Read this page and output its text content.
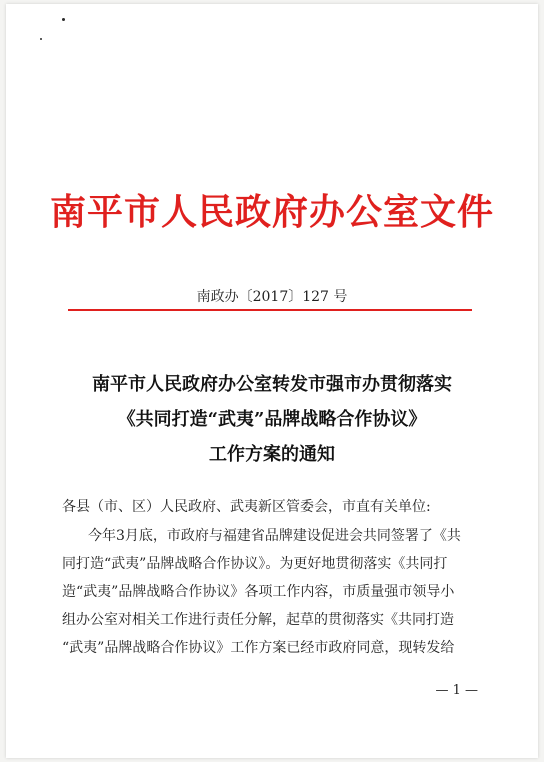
南平市人民政府办公室文件
南政办〔2017〕127 号
南平市人民政府办公室转发市强市办贯彻落实
《共同打造“武夷”品牌战略合作协议》
工作方案的通知
各县（市、区）人民政府、武夷新区管委会，市直有关单位:
今年3月底，市政府与福建省品牌建设促进会共同签署了《共
同打造“武夷”品牌战略合作协议》。为更好地贯彻落实《共同打
造“武夷”品牌战略合作协议》各项工作内容，市质量强市领导小
组办公室对相关工作进行责任分解，起草的贯彻落实《共同打造
“武夷”品牌战略合作协议》工作方案已经市政府同意，现转发给
— 1 —
